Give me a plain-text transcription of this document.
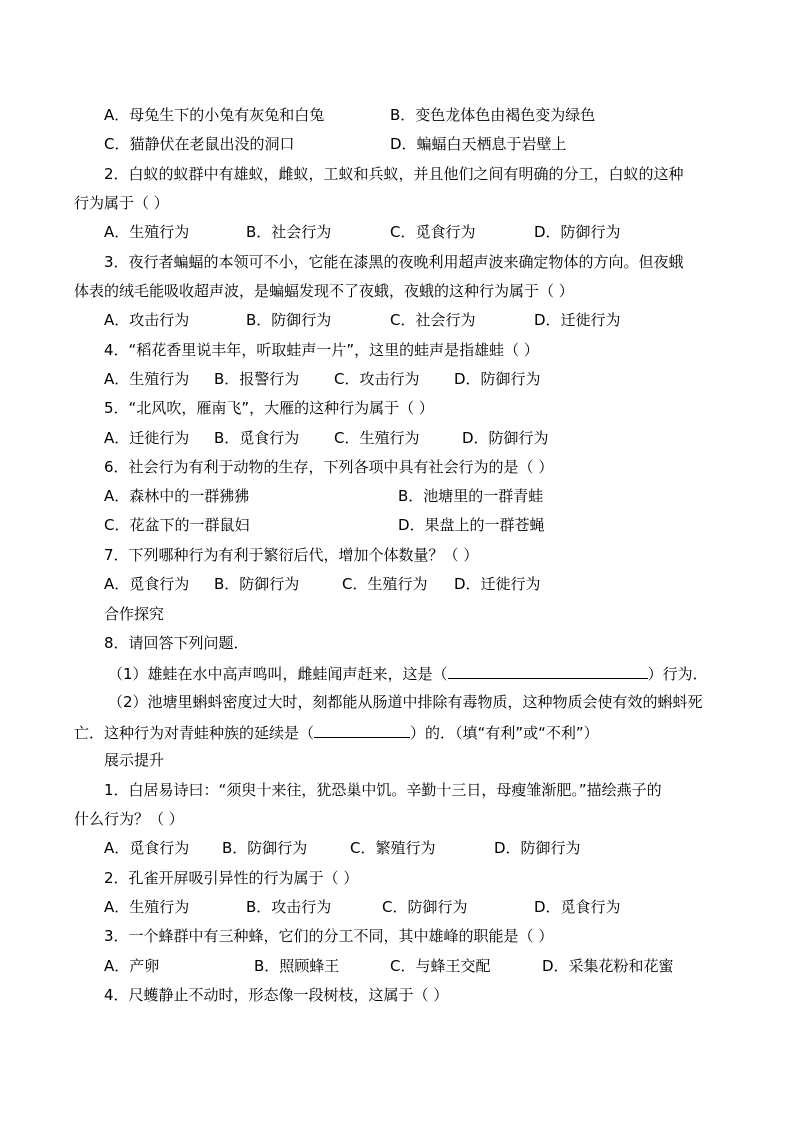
A．母兔生下的小兔有灰兔和白兔	B．变色龙体色由褐色变为绿色
C．猫静伏在老鼠出没的洞口	D．蝙蝠白天栖息于岩壁上
2．白蚁的蚁群中有雄蚁，雌蚁，工蚁和兵蚁，并且他们之间有明确的分工，白蚁的这种
行为属于（ ）
A．生殖行为	B．社会行为	C．觅食行为	D．防御行为
3．夜行者蝙蝠的本领可不小，它能在漆黑的夜晚利用超声波来确定物体的方向。但夜蛾
体表的绒毛能吸收超声波，是蝙蝠发现不了夜蛾，夜蛾的这种行为属于（ ）
A．攻击行为	B．防御行为	C．社会行为	D．迁徙行为
4．“稻花香里说丰年，听取蛙声一片”，这里的蛙声是指雄蛙（ ）
A．生殖行为 B．报警行为 C．攻击行为 D．防御行为
5．“北风吹，雁南飞”，大雁的这种行为属于（ ）
A．迁徙行为 B．觅食行为 C．生殖行为	D．防御行为
6．社会行为有利于动物的生存，下列各项中具有社会行为的是（ ）
A．森林中的一群狒狒	B．池塘里的一群青蛙
C．花盆下的一群鼠妇	D．果盘上的一群苍蝇
7．下列哪种行为有利于繁衍后代，增加个体数量？（ ）
A．觅食行为 B．防御行为	C．生殖行为 D．迁徙行为
合作探究
8．请回答下列问题．
（1）雄蛙在水中高声鸣叫，雌蛙闻声赶来，这是（	）行为．
（2）池塘里蝌蚪密度过大时，刻都能从肠道中排除有毒物质，这种物质会使有效的蝌蚪死
亡．这种行为对青蛙种族的延续是（	）的．（填“有利”或“不利”）
展示提升
1．白居易诗曰：“须臾十来往，犹恐巢中饥。辛勤十三日，母瘦雏渐肥。”描绘燕子的
什么行为？（ ）
A．觅食行为 B．防御行为	C．繁殖行为	D．防御行为
2．孔雀开屏吸引异性的行为属于（ ）
A．生殖行为	B．攻击行为	C．防御行为	D．觅食行为
3．一个蜂群中有三种蜂，它们的分工不同，其中雄峰的职能是（ ）
A．产卵	B．照顾蜂王	C．与蜂王交配	D．采集花粉和花蜜
4．尺蠖静止不动时，形态像一段树枝，这属于（ ）
